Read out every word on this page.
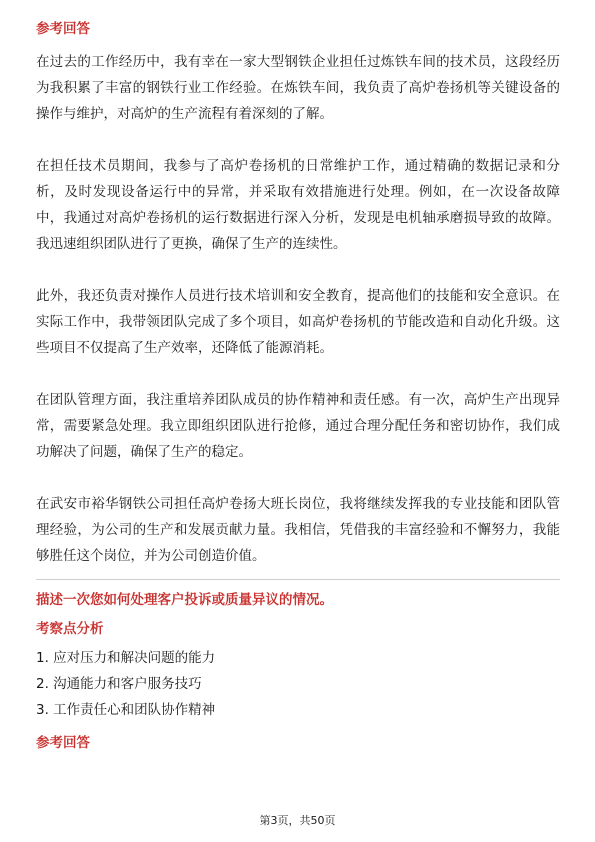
参考回答

在过去的工作经历中，我有幸在一家大型钢铁企业担任过炼铁车间的技术员，这段经历为我积累了丰富的钢铁行业工作经验。在炼铁车间，我负责了高炉卷扬机等关键设备的操作与维护，对高炉的生产流程有着深刻的了解。

在担任技术员期间，我参与了高炉卷扬机的日常维护工作，通过精确的数据记录和分析，及时发现设备运行中的异常，并采取有效措施进行处理。例如，在一次设备故障中，我通过对高炉卷扬机的运行数据进行深入分析，发现是电机轴承磨损导致的故障。我迅速组织团队进行了更换，确保了生产的连续性。

此外，我还负责对操作人员进行技术培训和安全教育，提高他们的技能和安全意识。在实际工作中，我带领团队完成了多个项目，如高炉卷扬机的节能改造和自动化升级。这些项目不仅提高了生产效率，还降低了能源消耗。

在团队管理方面，我注重培养团队成员的协作精神和责任感。有一次，高炉生产出现异常，需要紧急处理。我立即组织团队进行抢修，通过合理分配任务和密切协作，我们成功解决了问题，确保了生产的稳定。

在武安市裕华钢铁公司担任高炉卷扬大班长岗位，我将继续发挥我的专业技能和团队管理经验，为公司的生产和发展贡献力量。我相信，凭借我的丰富经验和不懈努力，我能够胜任这个岗位，并为公司创造价值。

描述一次您如何处理客户投诉或质量异议的情况。
考察点分析
1. 应对压力和解决问题的能力
2. 沟通能力和客户服务技巧
3. 工作责任心和团队协作精神
参考回答
第3页，共50页
